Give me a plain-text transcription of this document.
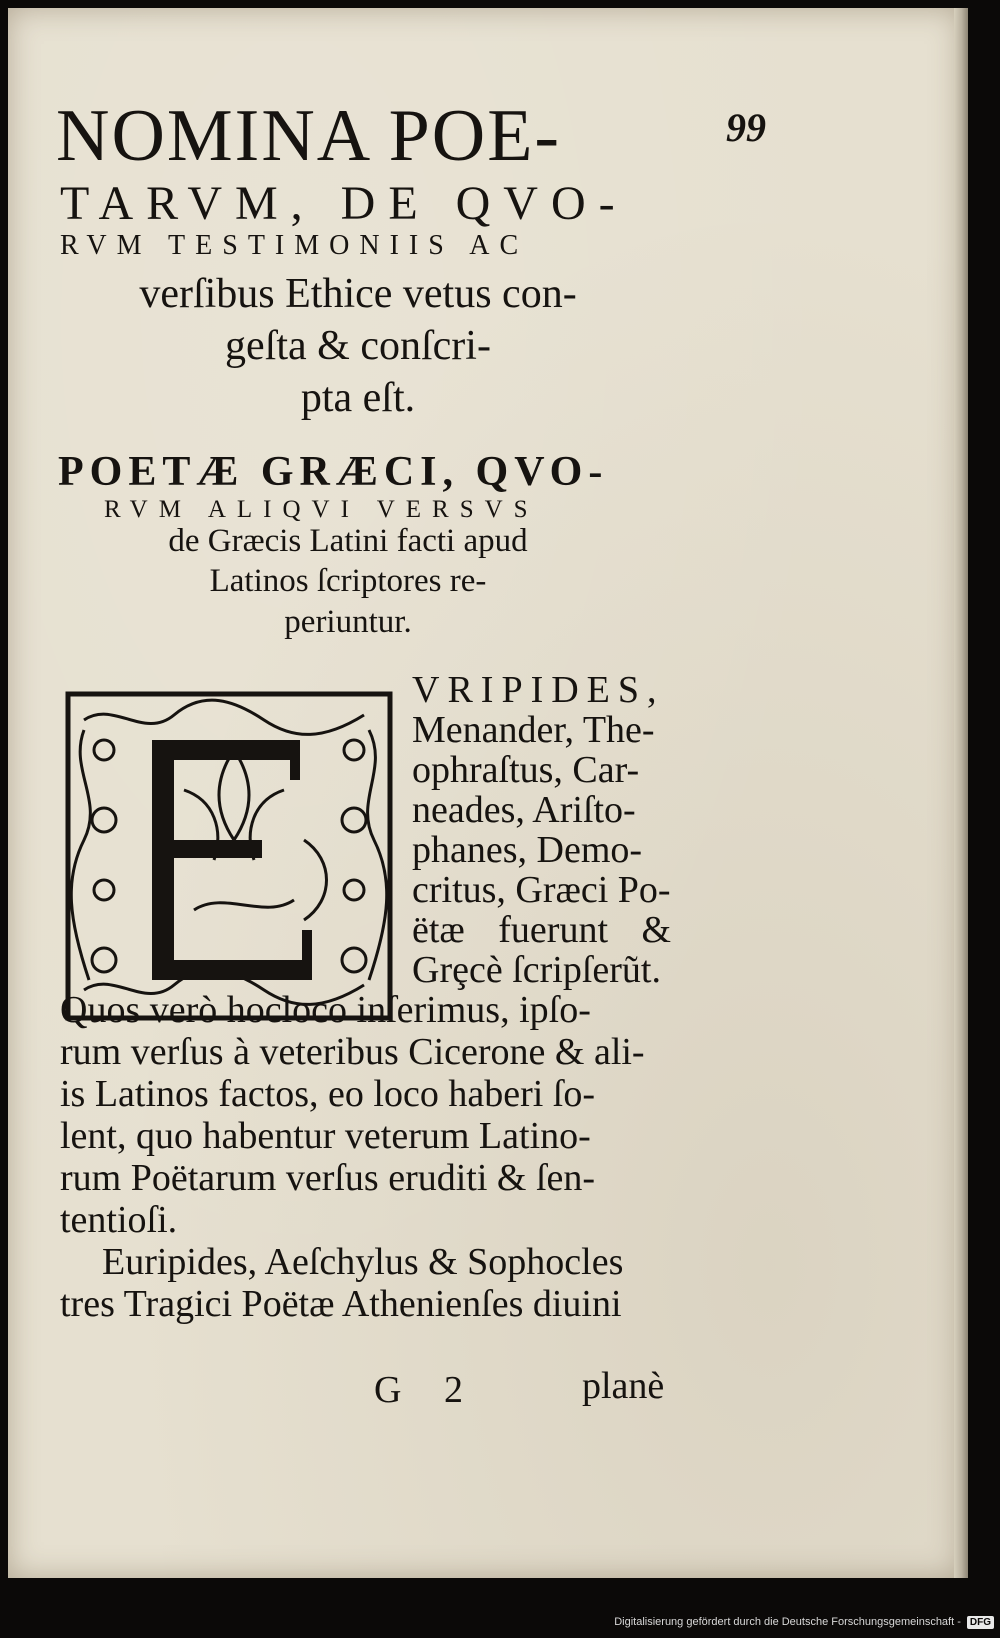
99
NOMINA POE-
TARVM, DE QVO-
RVM TESTIMONIIS AC
verſibus Ethice vetus con-
geſta & conſcri-
pta eſt.
POETÆ GRÆCI, QVO-
RVM ALIQVI VERSVS
de Græcis Latini facti apud
Latinos ſcriptores re-
periuntur.
VRIPIDES,
Menander, The-
ophraſtus, Car-
neades, Ariſto-
phanes, Demo-
critus, Græci Po-
ëtæ fuerunt &
Grȩcè ſcripſerũt.
Quos verò hocloco inſerimus, ipſo-
rum verſus à veteribus Cicerone & ali-
is Latinos factos, eo loco haberi ſo-
lent, quo habentur veterum Latino-
rum Poëtarum verſus eruditi & ſen-
tentioſi.
Euripides, Aeſchylus & Sophocles
tres Tragici Poëtæ Athenienſes diuini
G 2	planè
Digitalisierung gefördert durch die Deutsche Forschungsgemeinschaft - DFG
